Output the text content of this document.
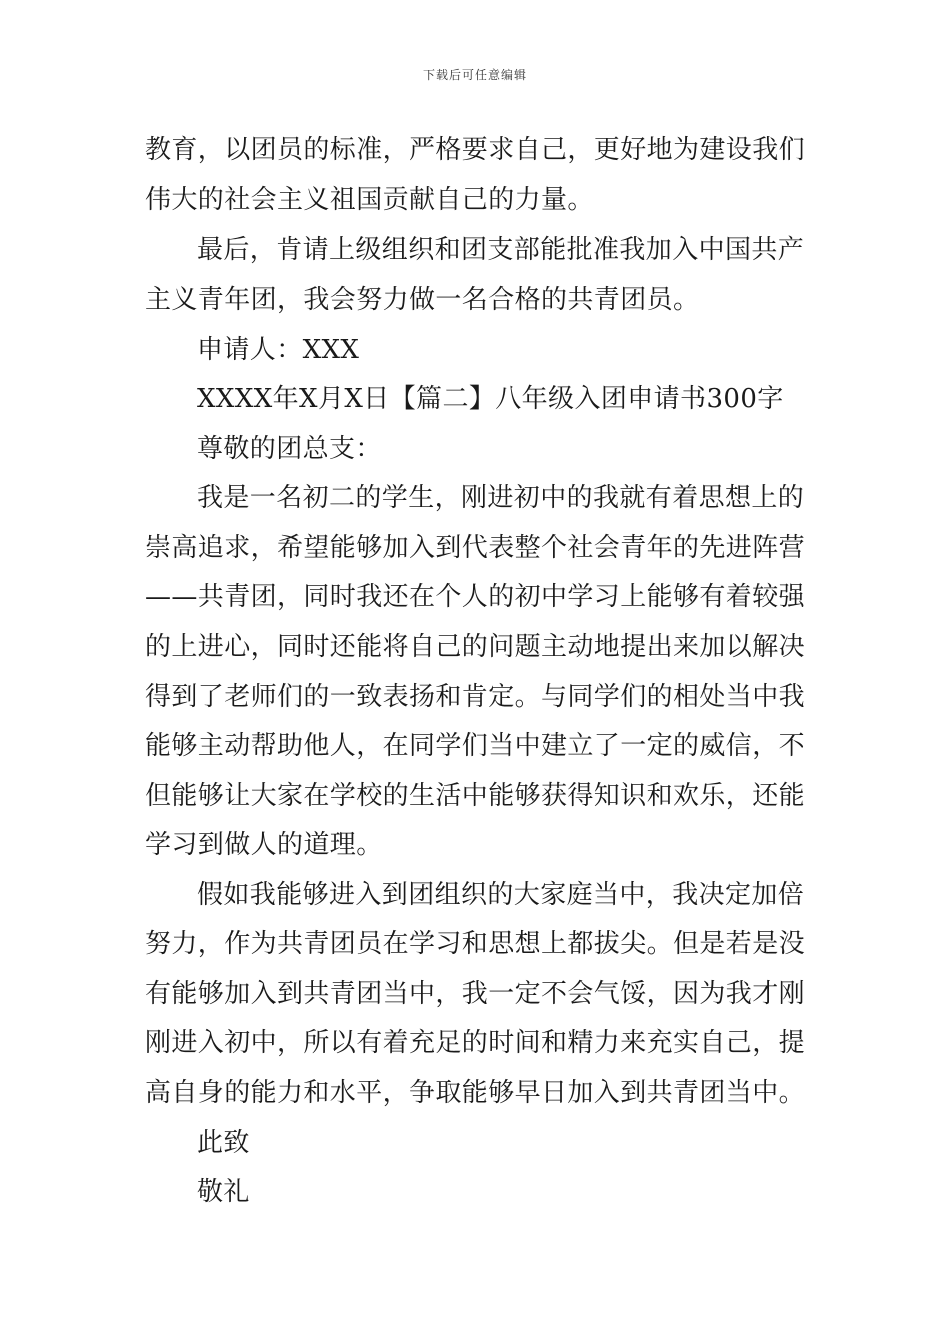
下载后可任意编辑
教育，以团员的标准，严格要求自己，更好地为建设我们
伟大的社会主义祖国贡献自己的力量。
最后，肯请上级组织和团支部能批准我加入中国共产
主义青年团，我会努力做一名合格的共青团员。
申请人：XXX
XXXX年X月X日【篇二】八年级入团申请书300字
尊敬的团总支：
我是一名初二的学生，刚进初中的我就有着思想上的
崇高追求，希望能够加入到代表整个社会青年的先进阵营
——共青团，同时我还在个人的初中学习上能够有着较强
的上进心，同时还能将自己的问题主动地提出来加以解决
得到了老师们的一致表扬和肯定。与同学们的相处当中我
能够主动帮助他人，在同学们当中建立了一定的威信，不
但能够让大家在学校的生活中能够获得知识和欢乐，还能
学习到做人的道理。
假如我能够进入到团组织的大家庭当中，我决定加倍
努力，作为共青团员在学习和思想上都拔尖。但是若是没
有能够加入到共青团当中，我一定不会气馁，因为我才刚
刚进入初中，所以有着充足的时间和精力来充实自己，提
高自身的能力和水平，争取能够早日加入到共青团当中。
此致
敬礼
